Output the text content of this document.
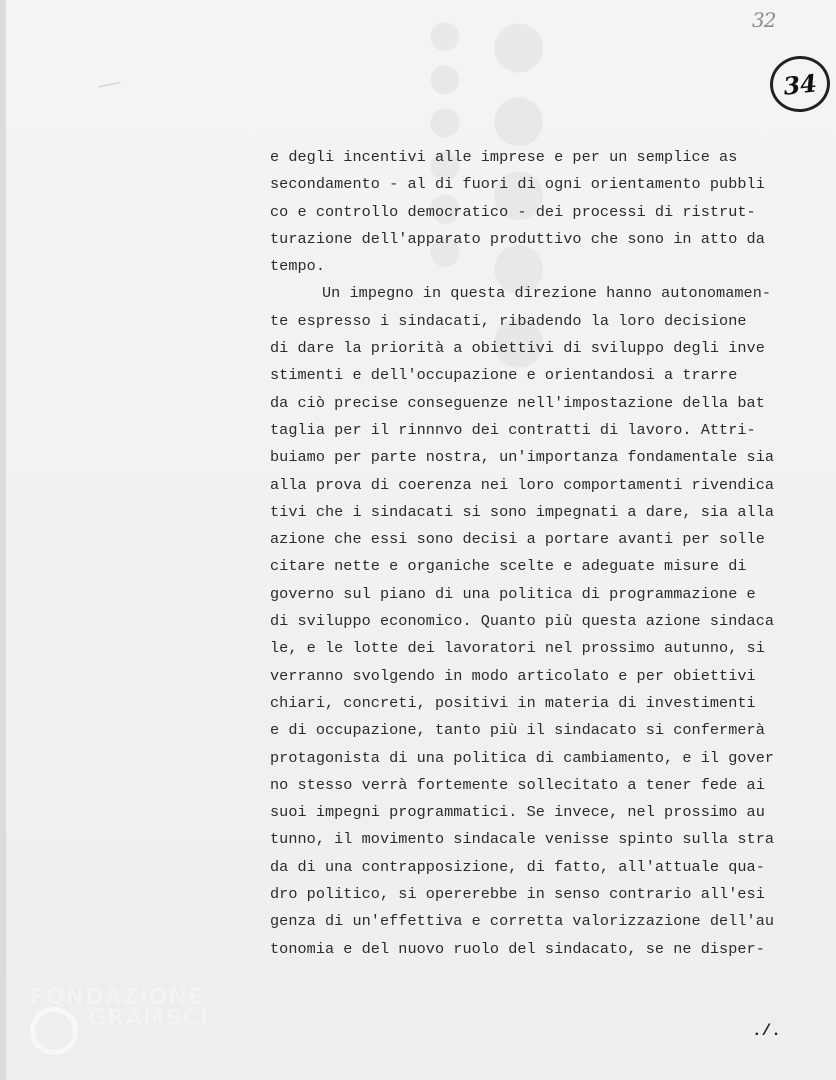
32
34
e degli incentivi alle imprese e per un semplice as
secondamento - al di fuori di ogni orientamento pubbli
co e controllo democratico - dei processi di ristrut-
turazione dell'apparato produttivo che sono in atto da
tempo.
Un impegno in questa direzione hanno autonomamen-
te espresso i sindacati, ribadendo la loro decisione
di dare la priorità a obiettivi di sviluppo degli inve
stimenti e dell'occupazione e orientandosi a trarre
da ciò precise conseguenze nell'impostazione della bat
taglia per il rinnnvo dei contratti di lavoro. Attri-
buiamo per parte nostra, un'importanza fondamentale sia
alla prova di coerenza nei loro comportamenti rivendica
tivi che i sindacati si sono impegnati a dare, sia alla
azione che essi sono decisi a portare avanti per solle
citare nette e organiche scelte e adeguate misure di
governo sul piano di una politica di programmazione e
di sviluppo economico. Quanto più questa azione sindaca
le, e le lotte dei lavoratori nel prossimo autunno, si
verranno svolgendo in modo articolato e per obiettivi
chiari, concreti, positivi in materia di investimenti
e di occupazione, tanto più il sindacato si confermerà
protagonista di una politica di cambiamento, e il gover
no stesso verrà fortemente sollecitato a tener fede ai
suoi impegni programmatici. Se invece, nel prossimo au
tunno, il movimento sindacale venisse spinto sulla stra
da di una contrapposizione, di fatto, all'attuale qua-
dro politico, si opererebbe in senso contrario all'esi
genza di un'effettiva e corretta valorizzazione dell'au
tonomia e del nuovo ruolo del sindacato, se ne disper-
./.
FONDAZIONE
GRAMSCI
